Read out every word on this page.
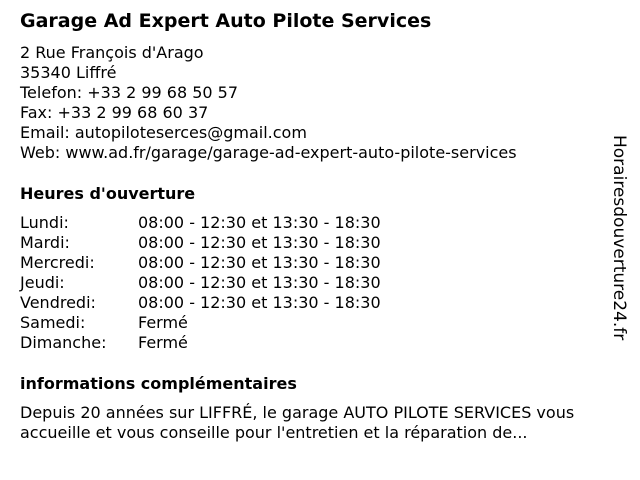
Garage Ad Expert Auto Pilote Services
2 Rue François d'Arago
35340 Liffré
Telefon: +33 2 99 68 50 57
Fax: +33 2 99 68 60 37
Email: autopiloteserces@gmail.com
Web: www.ad.fr/garage/garage-ad-expert-auto-pilote-services
Heures d'ouverture
Lundi:	08:00 - 12:30 et 13:30 - 18:30
Mardi:	08:00 - 12:30 et 13:30 - 18:30
Mercredi:	08:00 - 12:30 et 13:30 - 18:30
Jeudi:	08:00 - 12:30 et 13:30 - 18:30
Vendredi:	08:00 - 12:30 et 13:30 - 18:30
Samedi:	Fermé
Dimanche: Fermé
informations complémentaires

Depuis 20 années sur LIFFRÉ, le garage AUTO PILOTE SERVICES vous
accueille et vous conseille pour l'entretien et la réparation de...

Horairesdouverture24.fr
